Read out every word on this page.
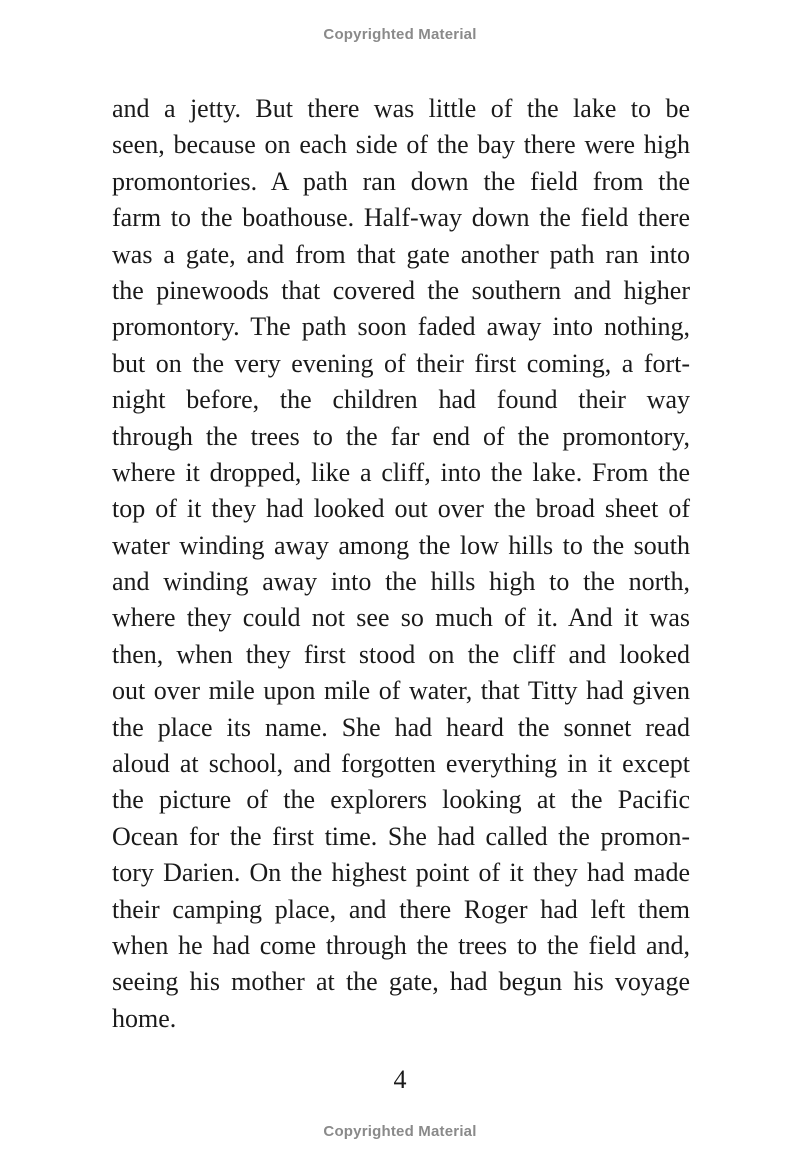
Copyrighted Material
and a jetty. But there was little of the lake to be
seen, because on each side of the bay there were high
promontories. A path ran down the field from the
farm to the boathouse. Half-way down the field there
was a gate, and from that gate another path ran into
the pinewoods that covered the southern and higher
promontory. The path soon faded away into nothing,
but on the very evening of their first coming, a fort-
night before, the children had found their way
through the trees to the far end of the promontory,
where it dropped, like a cliff, into the lake. From the
top of it they had looked out over the broad sheet of
water winding away among the low hills to the south
and winding away into the hills high to the north,
where they could not see so much of it. And it was
then, when they first stood on the cliff and looked
out over mile upon mile of water, that Titty had given
the place its name. She had heard the sonnet read
aloud at school, and forgotten everything in it except
the picture of the explorers looking at the Pacific
Ocean for the first time. She had called the promon-
tory Darien. On the highest point of it they had made
their camping place, and there Roger had left them
when he had come through the trees to the field and,
seeing his mother at the gate, had begun his voyage
home.
4
Copyrighted Material
